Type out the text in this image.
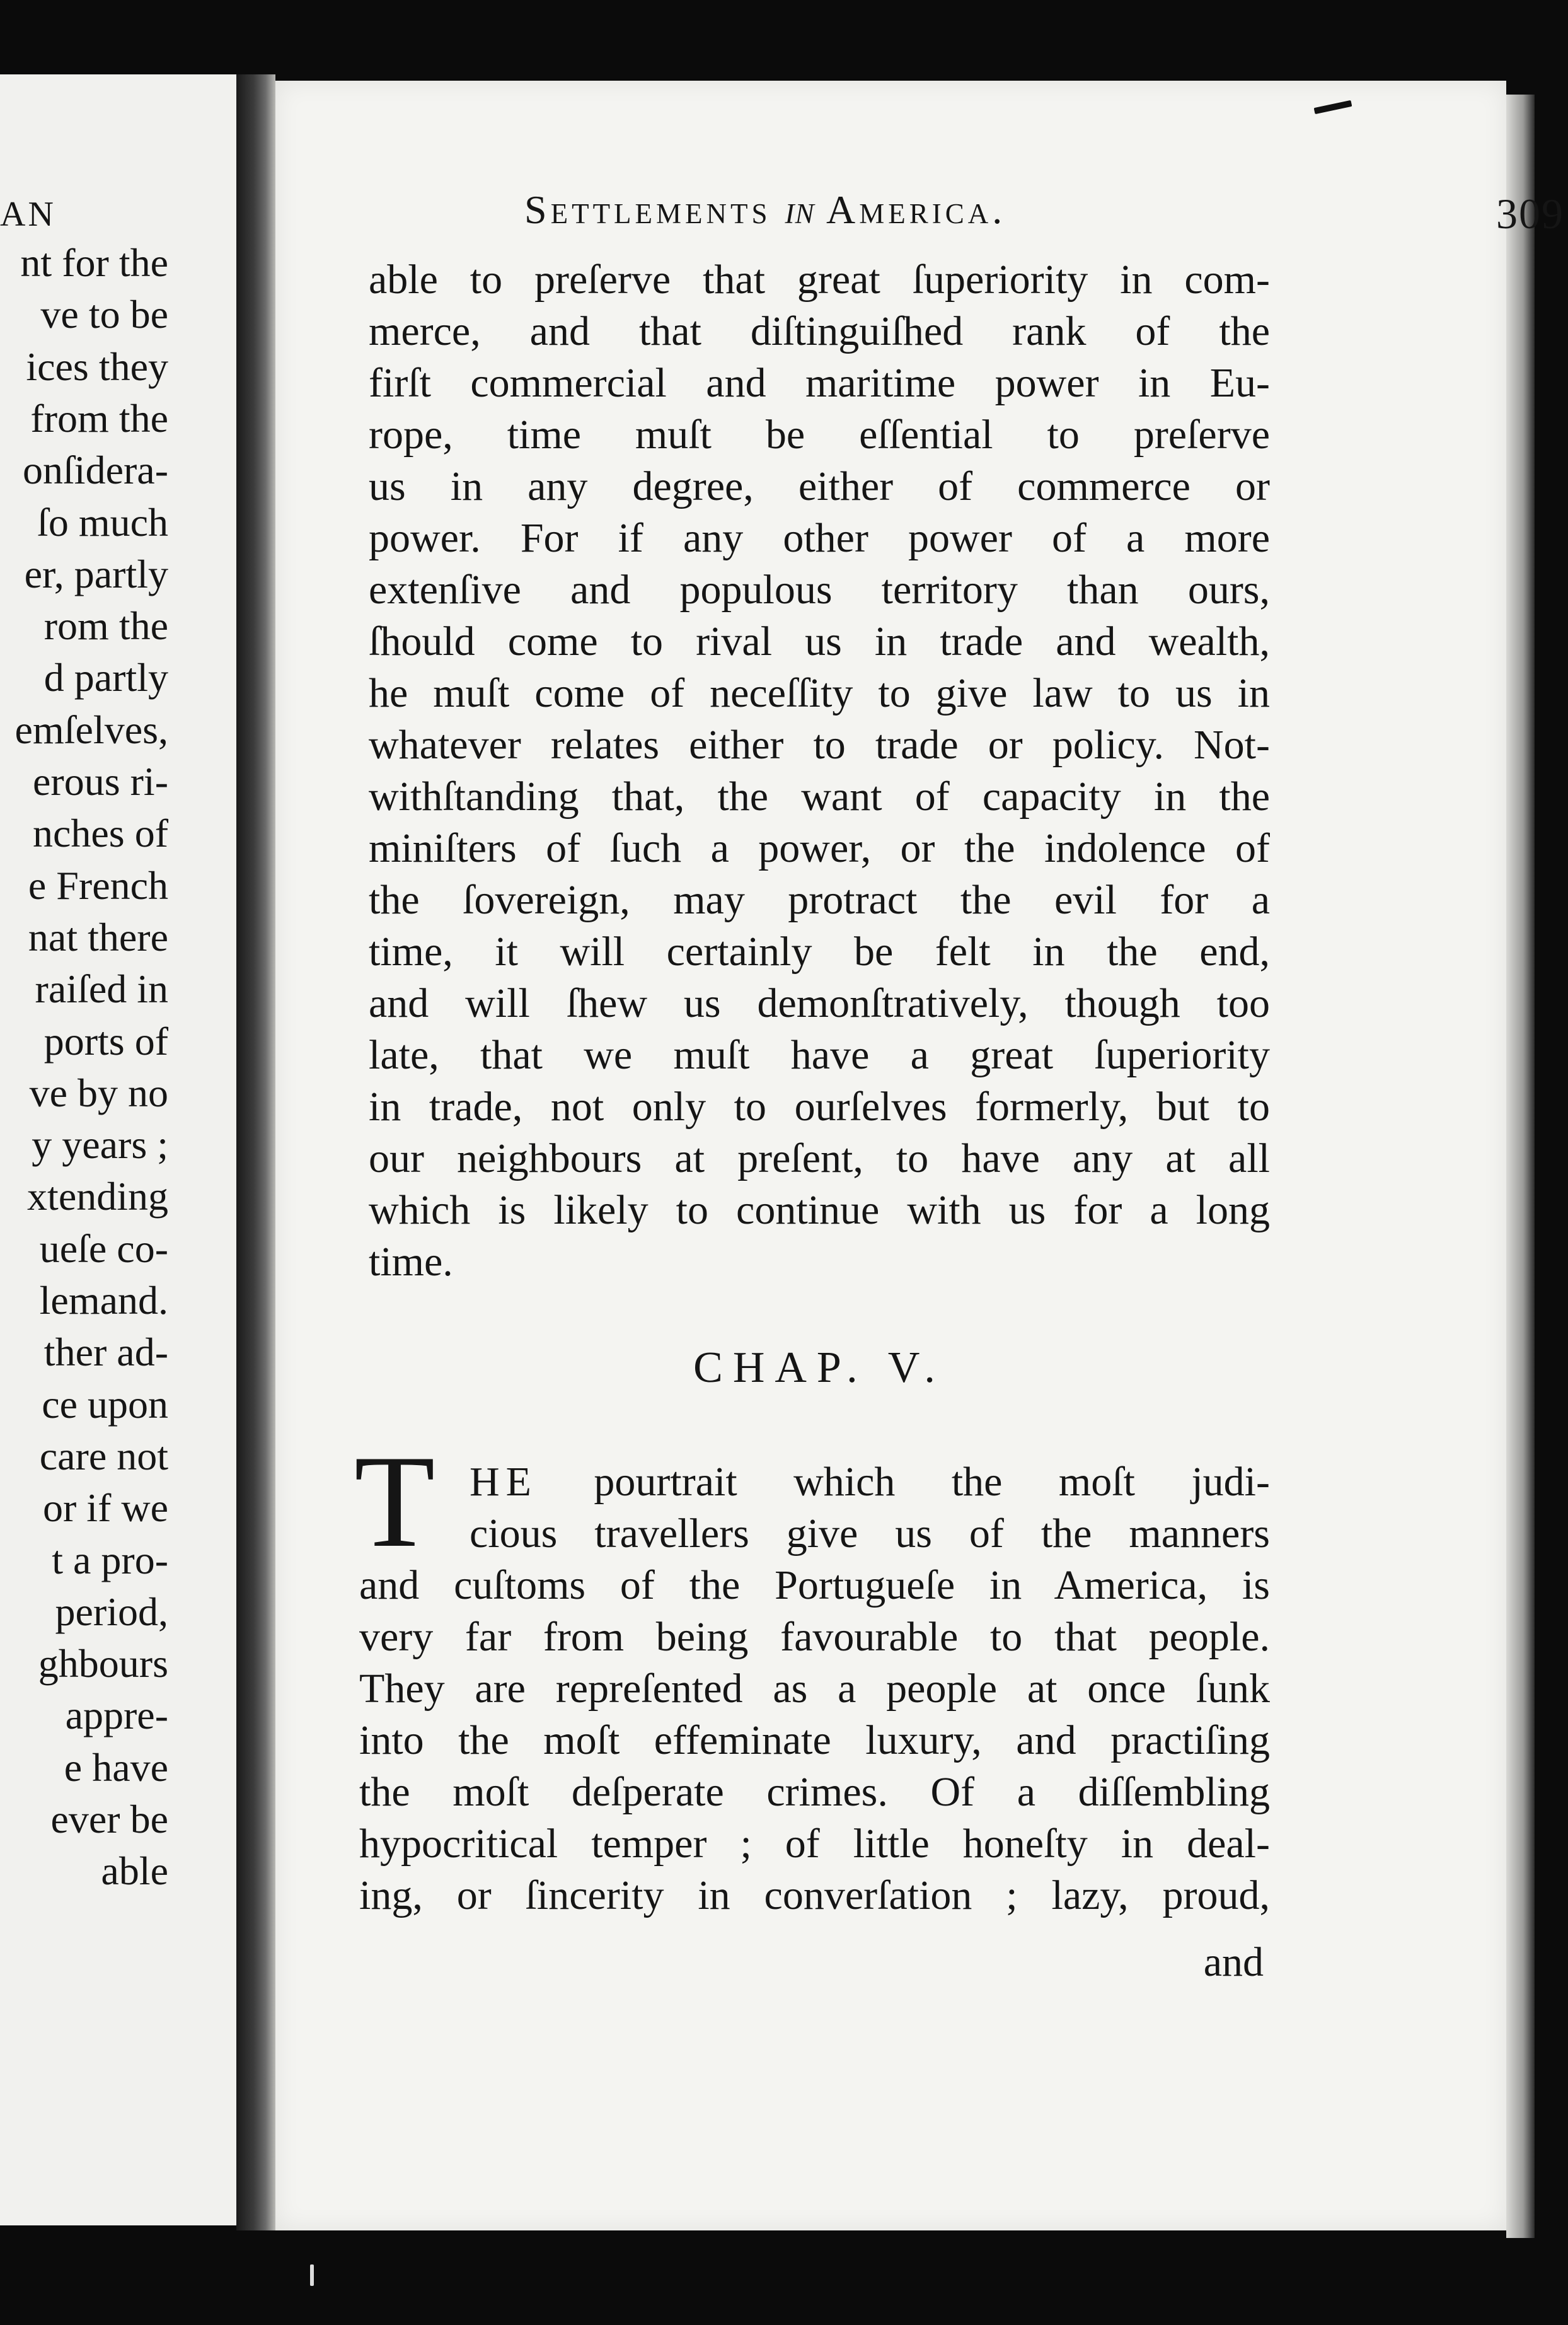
AN
nt for the
ve to be
ices they
from the
onſidera-
ſo much
er, partly
rom the
d partly
emſelves,
erous ri-
nches of
e French
nat there
raiſed in
ports of
ve by no
y years ;
xtending
ueſe co-
lemand.
ther ad-
ce upon
care not
or if we
t a pro-
period,
ghbours
appre-
e have
ever be
able
Settlements in America.	309
able to preſerve that great ſuperiority in com-
merce, and that diſtinguiſhed rank of the
firſt commercial and maritime power in Eu-
rope, time muſt be eſſential to preſerve
us in any degree, either of commerce or
power. For if any other power of a more
extenſive and populous territory than ours,
ſhould come to rival us in trade and wealth,
he muſt come of neceſſity to give law to us in
whatever relates either to trade or policy. Not-
withſtanding that, the want of capacity in the
miniſters of ſuch a power, or the indolence of
the ſovereign, may protract the evil for a
time, it will certainly be felt in the end,
and will ſhew us demonſtratively, though too
late, that we muſt have a great ſuperiority
in trade, not only to ourſelves formerly, but to
our neighbours at preſent, to have any at all
which is likely to continue with us for a long
time.
CHAP. V.
T HE pourtrait which the moſt judi-
cious travellers give us of the manners
and cuſtoms of the Portugueſe in America, is
very far from being favourable to that people.
They are repreſented as a people at once ſunk
into the moſt effeminate luxury, and practiſing
the moſt deſperate crimes. Of a diſſembling
hypocritical temper ; of little honeſty in deal-
ing, or ſincerity in converſation ; lazy, proud,
and
